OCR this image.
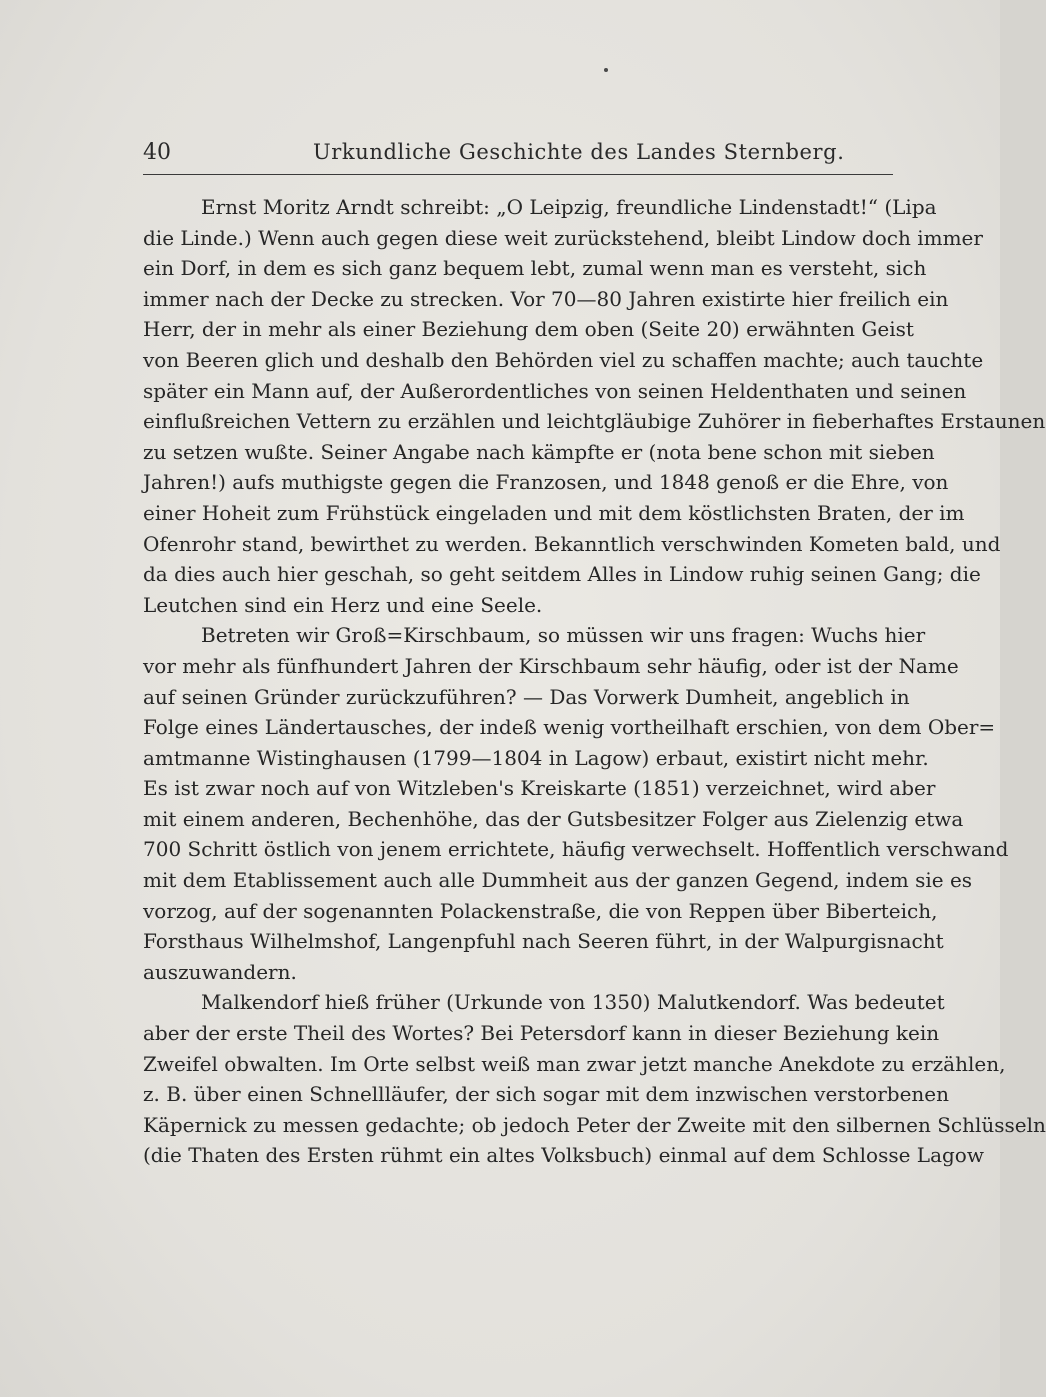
40	Urkundliche Geschichte des Landes Sternberg.
Ernst Moritz Arndt schreibt: „O Leipzig, freundliche Lindenstadt!“ (Lipa
die Linde.) Wenn auch gegen diese weit zurückstehend, bleibt Lindow doch immer
ein Dorf, in dem es sich ganz bequem lebt, zumal wenn man es versteht, sich
immer nach der Decke zu strecken. Vor 70—80 Jahren existirte hier freilich ein
Herr, der in mehr als einer Beziehung dem oben (Seite 20) erwähnten Geist
von Beeren glich und deshalb den Behörden viel zu schaffen machte; auch tauchte
später ein Mann auf, der Außerordentliches von seinen Heldenthaten und seinen
einflußreichen Vettern zu erzählen und leichtgläubige Zuhörer in fieberhaftes Erstaunen
zu setzen wußte. Seiner Angabe nach kämpfte er (nota bene schon mit sieben
Jahren!) aufs muthigste gegen die Franzosen, und 1848 genoß er die Ehre, von
einer Hoheit zum Frühstück eingeladen und mit dem köstlichsten Braten, der im
Ofenrohr stand, bewirthet zu werden. Bekanntlich verschwinden Kometen bald, und
da dies auch hier geschah, so geht seitdem Alles in Lindow ruhig seinen Gang; die
Leutchen sind ein Herz und eine Seele.
Betreten wir Groß=Kirschbaum, so müssen wir uns fragen: Wuchs hier
vor mehr als fünfhundert Jahren der Kirschbaum sehr häufig, oder ist der Name
auf seinen Gründer zurückzuführen? — Das Vorwerk Dumheit, angeblich in
Folge eines Ländertausches, der indeß wenig vortheilhaft erschien, von dem Ober=
amtmanne Wistinghausen (1799—1804 in Lagow) erbaut, existirt nicht mehr.
Es ist zwar noch auf von Witzleben's Kreiskarte (1851) verzeichnet, wird aber
mit einem anderen, Bechenhöhe, das der Gutsbesitzer Folger aus Zielenzig etwa
700 Schritt östlich von jenem errichtete, häufig verwechselt. Hoffentlich verschwand
mit dem Etablissement auch alle Dummheit aus der ganzen Gegend, indem sie es
vorzog, auf der sogenannten Polackenstraße, die von Reppen über Biberteich,
Forsthaus Wilhelmshof, Langenpfuhl nach Seeren führt, in der Walpurgisnacht
auszuwandern.
Malkendorf hieß früher (Urkunde von 1350) Malutkendorf. Was bedeutet
aber der erste Theil des Wortes? Bei Petersdorf kann in dieser Beziehung kein
Zweifel obwalten. Im Orte selbst weiß man zwar jetzt manche Anekdote zu erzählen,
z. B. über einen Schnellläufer, der sich sogar mit dem inzwischen verstorbenen
Käpernick zu messen gedachte; ob jedoch Peter der Zweite mit den silbernen Schlüsseln
(die Thaten des Ersten rühmt ein altes Volksbuch) einmal auf dem Schlosse Lagow
